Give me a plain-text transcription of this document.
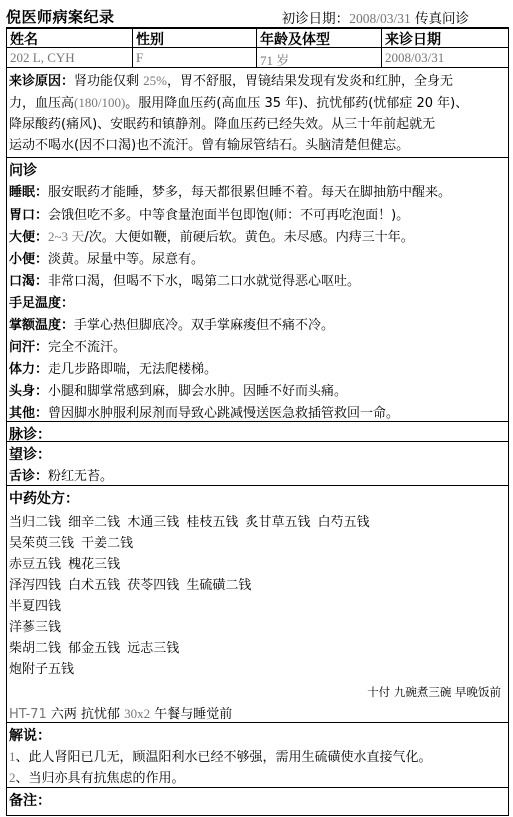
倪医师病案纪录	初诊日期：2008/03/31 传真问诊
姓名	性别	年龄及体型	来诊日期
202 L, CYH	F	71 岁	2008/03/31
来诊原因：肾功能仅剩 25%，胃不舒服，胃镜结果发现有发炎和红肿，全身无
力，血压高(180/100)。服用降血压药(高血压 35 年)、抗忧郁药(忧郁症 20 年)、
降尿酸药(痛风)、安眠药和镇静剂。降血压药已经失效。从三十年前起就无
运动不喝水(因不口渴)也不流汗。曾有输尿管结石。头脑清楚但健忘。
问诊
睡眠：服安眠药才能睡，梦多，每天都很累但睡不着。每天在脚抽筋中醒来。
胃口：会饿但吃不多。中等食量泡面半包即饱(师：不可再吃泡面！)。
大便：2~3 天/次。大便如鞭，前硬后软。黄色。未尽感。内痔三十年。
小便：淡黄。尿量中等。尿意有。
口渴：非常口渴，但喝不下水，喝第二口水就觉得恶心呕吐。
手足温度：
掌额温度：手掌心热但脚底冷。双手掌麻痠但不痛不冷。
问汗：完全不流汗。
体力：走几步路即喘，无法爬楼梯。
头身：小腿和脚掌常感到麻，脚会水肿。因睡不好而头痛。
其他：曾因脚水肿服利尿剂而导致心跳减慢送医急救插管救回一命。
脉诊：
望诊：
舌诊：粉红无苔。
中药处方：
当归二钱 细辛二钱 木通三钱 桂枝五钱 炙甘草五钱 白芍五钱
吴茱萸三钱 干姜二钱
赤豆五钱 槐花三钱
泽泻四钱 白术五钱 茯苓四钱 生硫磺二钱
半夏四钱
洋蔘三钱
柴胡二钱 郁金五钱 远志三钱
炮附子五钱
十付 九碗煮三碗 早晚饭前
HT-71 六两 抗忧郁 30x2 午餐与睡觉前
解说：
1、此人肾阳已几无，顾温阳利水已经不够强，需用生硫磺使水直接气化。
2、当归亦具有抗焦虑的作用。
备注：
